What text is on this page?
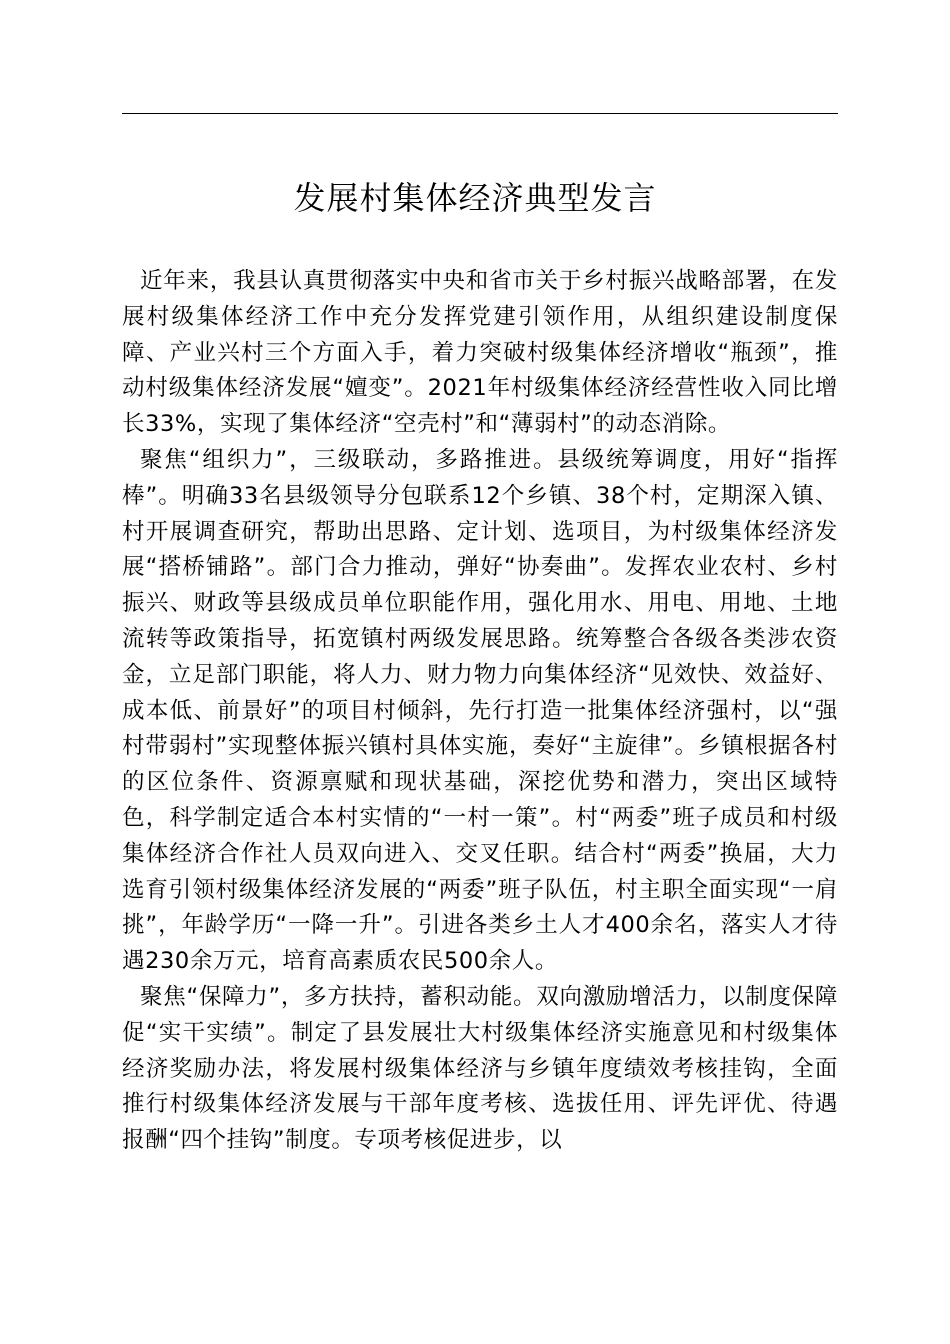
发展村集体经济典型发言

近年来，我县认真贯彻落实中央和省市关于乡村振兴战略部署，在发展村级集体经济工作中充分发挥党建引领作用，从组织建设制度保障、产业兴村三个方面入手，着力突破村级集体经济增收“瓶颈”，推动村级集体经济发展“嬗变”。2021年村级集体经济经营性收入同比增长33%，实现了集体经济“空壳村”和“薄弱村”的动态消除。

聚焦“组织力”，三级联动，多路推进。县级统筹调度，用好“指挥棒”。明确33名县级领导分包联系12个乡镇、38个村，定期深入镇、村开展调查研究，帮助出思路、定计划、选项目，为村级集体经济发展“搭桥铺路”。部门合力推动，弹好“协奏曲”。发挥农业农村、乡村振兴、财政等县级成员单位职能作用，强化用水、用电、用地、土地流转等政策指导，拓宽镇村两级发展思路。统筹整合各级各类涉农资金，立足部门职能，将人力、财力物力向集体经济“见效快、效益好、成本低、前景好”的项目村倾斜，先行打造一批集体经济强村，以“强村带弱村”实现整体振兴镇村具体实施，奏好“主旋律”。乡镇根据各村的区位条件、资源禀赋和现状基础，深挖优势和潜力，突出区域特色，科学制定适合本村实情的“一村一策”。村“两委”班子成员和村级集体经济合作社人员双向进入、交叉任职。结合村“两委”换届，大力选育引领村级集体经济发展的“两委”班子队伍，村主职全面实现“一肩挑”，年龄学历“一降一升”。引进各类乡土人才400余名，落实人才待遇230余万元，培育高素质农民500余人。

聚焦“保障力”，多方扶持，蓄积动能。双向激励增活力，以制度保障促“实干实绩”。制定了县发展壮大村级集体经济实施意见和村级集体经济奖励办法，将发展村级集体经济与乡镇年度绩效考核挂钩，全面推行村级集体经济发展与干部年度考核、选拔任用、评先评优、待遇报酬“四个挂钩”制度。专项考核促进步，以
